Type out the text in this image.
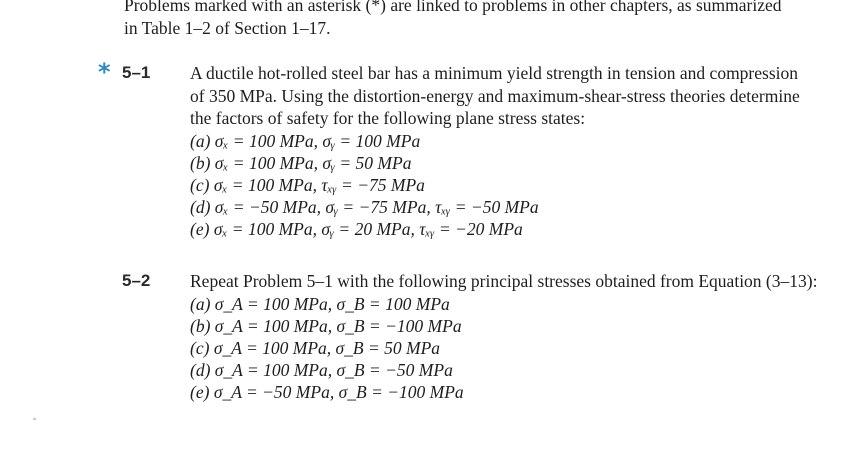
Problems marked with an asterisk (*) are linked to problems in other chapters, as summarized
in Table 1–2 of Section 1–17.
* 5–1 A ductile hot-rolled steel bar has a minimum yield strength in tension and compression
of 350 MPa. Using the distortion-energy and maximum-shear-stress theories determine
the factors of safety for the following plane stress states:
(a) σₓ = 100 MPa, σᵧ = 100 MPa
(b) σₓ = 100 MPa, σᵧ = 50 MPa
(c) σₓ = 100 MPa, τₓᵧ = −75 MPa
(d) σₓ = −50 MPa, σᵧ = −75 MPa, τₓᵧ = −50 MPa
(e) σₓ = 100 MPa, σᵧ = 20 MPa, τₓᵧ = −20 MPa
5–2 Repeat Problem 5–1 with the following principal stresses obtained from Equation (3–13):
(a) σ_A = 100 MPa, σ_B = 100 MPa
(b) σ_A = 100 MPa, σ_B = −100 MPa
(c) σ_A = 100 MPa, σ_B = 50 MPa
(d) σ_A = 100 MPa, σ_B = −50 MPa
(e) σ_A = −50 MPa, σ_B = −100 MPa
